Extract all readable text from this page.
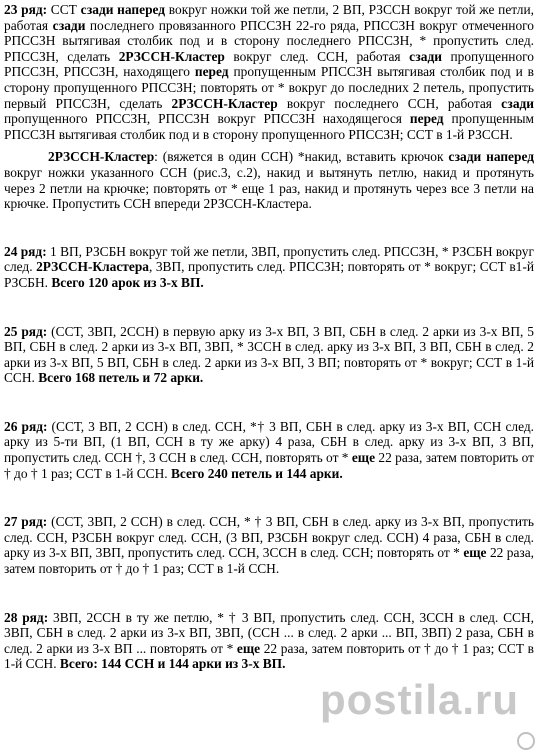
23 ряд: ССТ сзади наперед вокруг ножки той же петли, 2 ВП, РЗССН вокруг той же петли, работая сзади последнего провязанного РПССЗН 22-го ряда, РПССЗН вокруг отмеченного РПССЗН вытягивая столбик под и в сторону последнего РПССЗН, * пропустить след. РПССЗН, сделать 2РЗССН-Кластер вокруг след. ССН, работая сзади пропущенного РПССЗН, РПССЗН, находящего перед пропущенным РПССЗН вытягивая столбик под и в сторону пропущенного РПССЗН; повторять от * вокруг до последних 2 петель, пропустить первый РПССЗН, сделать 2РЗССН-Кластер вокруг последнего ССН, работая сзади пропущенного РПССЗН, РПССЗН вокруг РПССЗН находящегося перед пропущенным РПССЗН вытягивая столбик под и в сторону пропущенного РПССЗН; ССТ в 1-й РЗССН.

2РЗССН-Кластер: (вяжется в один ССН) *накид, вставить крючок сзади наперед вокруг ножки указанного ССН (рис.3, с.2), накид и вытянуть петлю, накид и протянуть через 2 петли на крючке; повторять от * еще 1 раз, накид и протянуть через все 3 петли на крючке. Пропустить ССН впереди 2РЗССН-Кластера.

24 ряд: 1 ВП, РЗСБН вокруг той же петли, 3ВП, пропустить след. РПССЗН, * РЗСБН вокруг след. 2РЗССН-Кластера, 3ВП, пропустить след. РПССЗН; повторять от * вокруг; ССТ в1-й РЗСБН. Всего 120 арок из 3-х ВП.

25 ряд: (ССТ, 3ВП, 2ССН) в первую арку из 3-х ВП, 3 ВП, СБН в след. 2 арки из 3-х ВП, 5 ВП, СБН в след. 2 арки из 3-х ВП, 3ВП, * 3ССН в след. арку из 3-х ВП, 3 ВП, СБН в след. 2 арки из 3-х ВП, 5 ВП, СБН в след. 2 арки из 3-х ВП, 3 ВП; повторять от * вокруг; ССТ в 1-й ССН. Всего 168 петель и 72 арки.

26 ряд: (ССТ, 3 ВП, 2 ССН) в след. ССН, *† 3 ВП, СБН в след. арку из 3-х ВП, ССН след. арку из 5-ти ВП, (1 ВП, ССН в ту же арку) 4 раза, СБН в след. арку из 3-х ВП, 3 ВП, пропустить след. ССН †, 3 ССН в след. ССН, повторять от * еще 22 раза, затем повторить от † до † 1 раз; ССТ в 1-й ССН. Всего 240 петель и 144 арки.

27 ряд: (ССТ, 3ВП, 2 ССН) в след. ССН, * † 3 ВП, СБН в след. арку из 3-х ВП, пропустить след. ССН, РЗСБН вокруг след. ССН, (3 ВП, РЗСБН вокруг след. ССН) 4 раза, СБН в след. арку из 3-х ВП, 3ВП, пропустить след. ССН, 3ССН в след. ССН; повторять от * еще 22 раза, затем повторить от † до † 1 раз; ССТ в 1-й ССН.

28 ряд: 3ВП, 2ССН в ту же петлю, * † 3 ВП, пропустить след. ССН, 3ССН в след. ССН, 3ВП, СБН в след. 2 арки из 3-х ВП, 3ВП, (ССН ... в след. 2 арки ... ВП, 3ВП) 2 раза, СБН в след. 2 арки из 3-х ВП ... повторять от * еще 22 раза, затем повторить от † до † 1 раз; ССТ в 1-й ССН. Всего: 144 ССН и 144 арки из 3-х ВП.

postila.ru
